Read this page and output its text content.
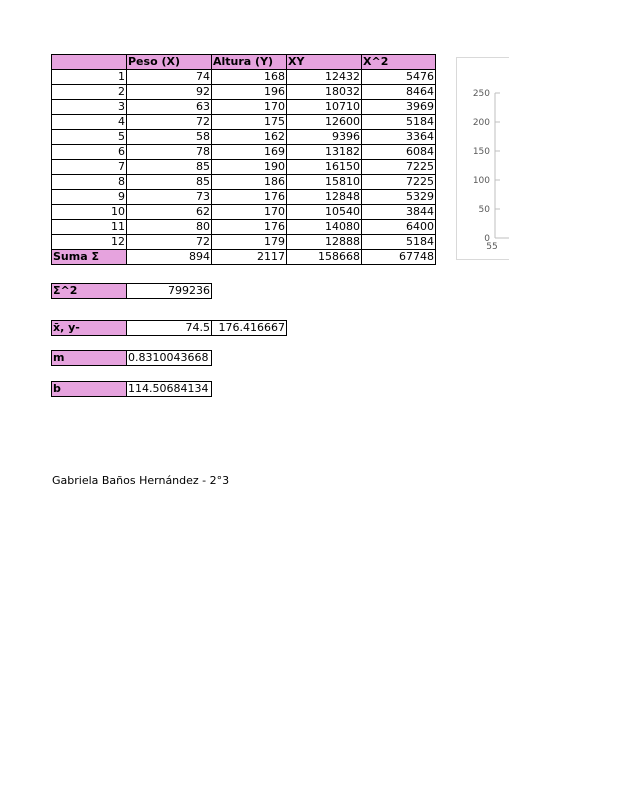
	Peso (X)	Altura (Y)	XY	X^2
1	74	168	12432	5476
2	92	196	18032	8464
3	63	170	10710	3969
4	72	175	12600	5184
5	58	162	9396	3364
6	78	169	13182	6084
7	85	190	16150	7225
8	85	186	15810	7225
9	73	176	12848	5329
10	62	170	10540	3844
11	80	176	14080	6400
12	72	179	12888	5184
Suma Σ	894	2117	158668	67748
Σ^2	799236
x̄, y-	74.5	176.416667
m	0.8310043668
b	114.50684134
Gabriela Baños Hernández - 2°3
250
200
150
100
50
0
55
